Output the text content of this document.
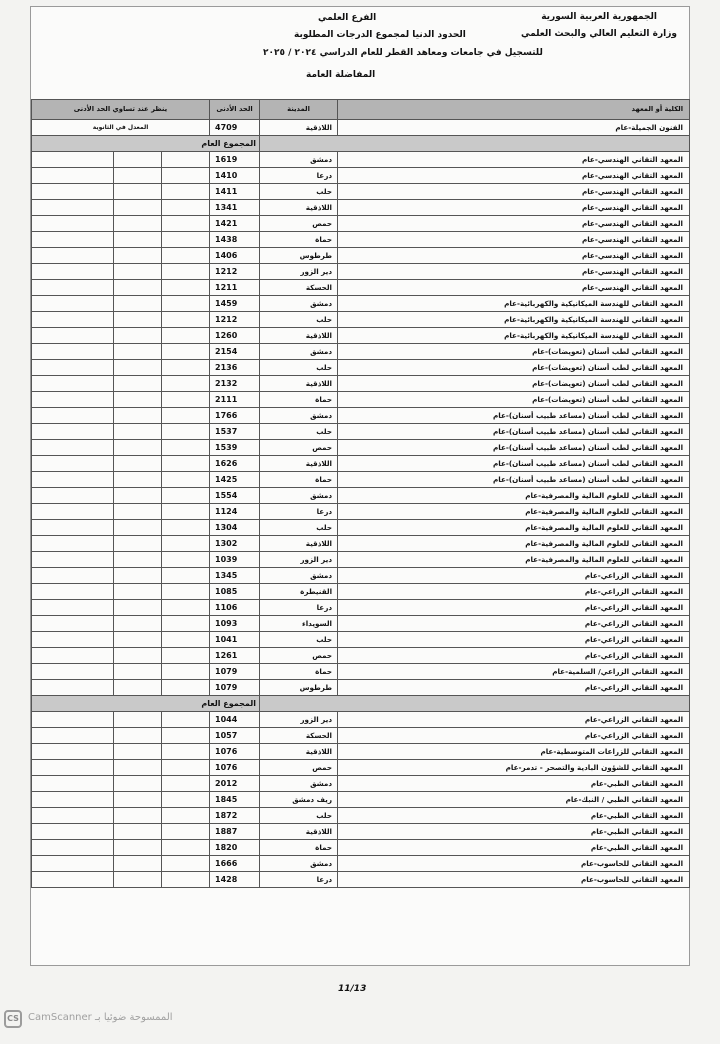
الجمهورية العربية السورية
وزارة التعليم العالي والبحث العلمي
الفرع العلمي
الحدود الدنيا لمجموع الدرجات المطلوبة
للتسجيل في جامعات ومعاهد القطر للعام الدراسي ٢٠٢٤ / ٢٠٢٥
المفاضلة العامة
ينظر عند تساوي الحد الأدنى			الحد الأدنى	المدينة	الكلية أو المعهد
المعدل في الثانوية			4709	اللاذقية	الفنون الجميلة-عام
المجموع العام					
			1619	دمشق	المعهد التقاني الهندسي-عام
			1410	درعا	المعهد التقاني الهندسي-عام
			1411	حلب	المعهد التقاني الهندسي-عام
			1341	اللاذقية	المعهد التقاني الهندسي-عام
			1421	حمص	المعهد التقاني الهندسي-عام
			1438	حماة	المعهد التقاني الهندسي-عام
			1406	طرطوس	المعهد التقاني الهندسي-عام
			1212	دير الزور	المعهد التقاني الهندسي-عام
			1211	الحسكة	المعهد التقاني الهندسي-عام
			1459	دمشق	المعهد التقاني للهندسة الميكانيكية والكهربائية-عام
			1212	حلب	المعهد التقاني للهندسة الميكانيكية والكهربائية-عام
			1260	اللاذقية	المعهد التقاني للهندسة الميكانيكية والكهربائية-عام
			2154	دمشق	المعهد التقاني لطب أسنان (تعويضات)-عام
			2136	حلب	المعهد التقاني لطب أسنان (تعويضات)-عام
			2132	اللاذقية	المعهد التقاني لطب أسنان (تعويضات)-عام
			2111	حماة	المعهد التقاني لطب أسنان (تعويضات)-عام
			1766	دمشق	المعهد التقاني لطب أسنان (مساعد طبيب أسنان)-عام
			1537	حلب	المعهد التقاني لطب أسنان (مساعد طبيب أسنان)-عام
			1539	حمص	المعهد التقاني لطب أسنان (مساعد طبيب أسنان)-عام
			1626	اللاذقية	المعهد التقاني لطب أسنان (مساعد طبيب أسنان)-عام
			1425	حماة	المعهد التقاني لطب أسنان (مساعد طبيب أسنان)-عام
			1554	دمشق	المعهد التقاني للعلوم المالية والمصرفية-عام
			1124	درعا	المعهد التقاني للعلوم المالية والمصرفية-عام
			1304	حلب	المعهد التقاني للعلوم المالية والمصرفية-عام
			1302	اللاذقية	المعهد التقاني للعلوم المالية والمصرفية-عام
			1039	دير الزور	المعهد التقاني للعلوم المالية والمصرفية-عام
			1345	دمشق	المعهد التقاني الزراعي-عام
			1085	القنيطرة	المعهد التقاني الزراعي-عام
			1106	درعا	المعهد التقاني الزراعي-عام
			1093	السويداء	المعهد التقاني الزراعي-عام
			1041	حلب	المعهد التقاني الزراعي-عام
			1261	حمص	المعهد التقاني الزراعي-عام
			1079	حماة	المعهد التقاني الزراعي/ السلمية-عام
			1079	طرطوس	المعهد التقاني الزراعي-عام
المجموع العام					
			1044	دير الزور	المعهد التقاني الزراعي-عام
			1057	الحسكة	المعهد التقاني الزراعي-عام
			1076	اللاذقية	المعهد التقاني للزراعات المتوسطية-عام
			1076	حمص	المعهد التقاني للشؤون البادية والتصحر - تدمر-عام
			2012	دمشق	المعهد التقاني الطبي-عام
			1845	ريف دمشق	المعهد التقاني الطبي / النبك-عام
			1872	حلب	المعهد التقاني الطبي-عام
			1887	اللاذقية	المعهد التقاني الطبي-عام
			1820	حماة	المعهد التقاني الطبي-عام
			1666	دمشق	المعهد التقاني للحاسوب-عام
			1428	درعا	المعهد التقاني للحاسوب-عام
11/13
CS الممسوحة ضوئيا بـ CamScanner
